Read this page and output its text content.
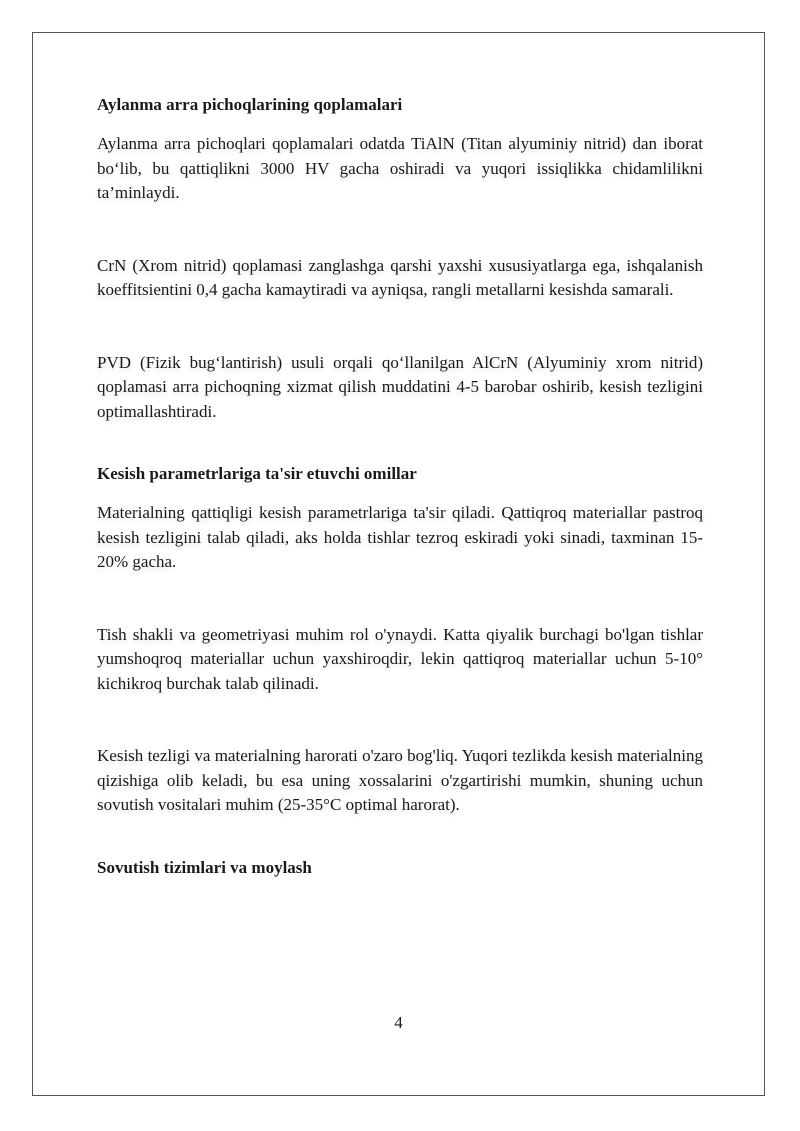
Aylanma arra pichoqlarining qoplamalari

Aylanma arra pichoqlari qoplamalari odatda TiAlN (Titan alyuminiy nitrid) dan iborat bo‘lib, bu qattiqlikni 3000 HV gacha oshiradi va yuqori issiqlikka chidamlilikni ta’minlaydi.

CrN (Xrom nitrid) qoplamasi zanglashga qarshi yaxshi xususiyatlarga ega, ishqalanish koeffitsientini 0,4 gacha kamaytiradi va ayniqsa, rangli metallarni kesishda samarali.

PVD (Fizik bug‘lantirish) usuli orqali qo‘llanilgan AlCrN (Alyuminiy xrom nitrid) qoplamasi arra pichoqning xizmat qilish muddatini 4-5 barobar oshirib, kesish tezligini optimallashtiradi.

Kesish parametrlariga ta'sir etuvchi omillar

Materialning qattiqligi kesish parametrlariga ta'sir qiladi. Qattiqroq materiallar pastroq kesish tezligini talab qiladi, aks holda tishlar tezroq eskiradi yoki sinadi, taxminan 15-20% gacha.

Tish shakli va geometriyasi muhim rol o'ynaydi. Katta qiyalik burchagi bo'lgan tishlar yumshoqroq materiallar uchun yaxshiroqdir, lekin qattiqroq materiallar uchun 5-10° kichikroq burchak talab qilinadi.

Kesish tezligi va materialning harorati o'zaro bog'liq. Yuqori tezlikda kesish materialning qizishiga olib keladi, bu esa uning xossalarini o'zgartirishi mumkin, shuning uchun sovutish vositalari muhim (25-35°C optimal harorat).

Sovutish tizimlari va moylash
4
